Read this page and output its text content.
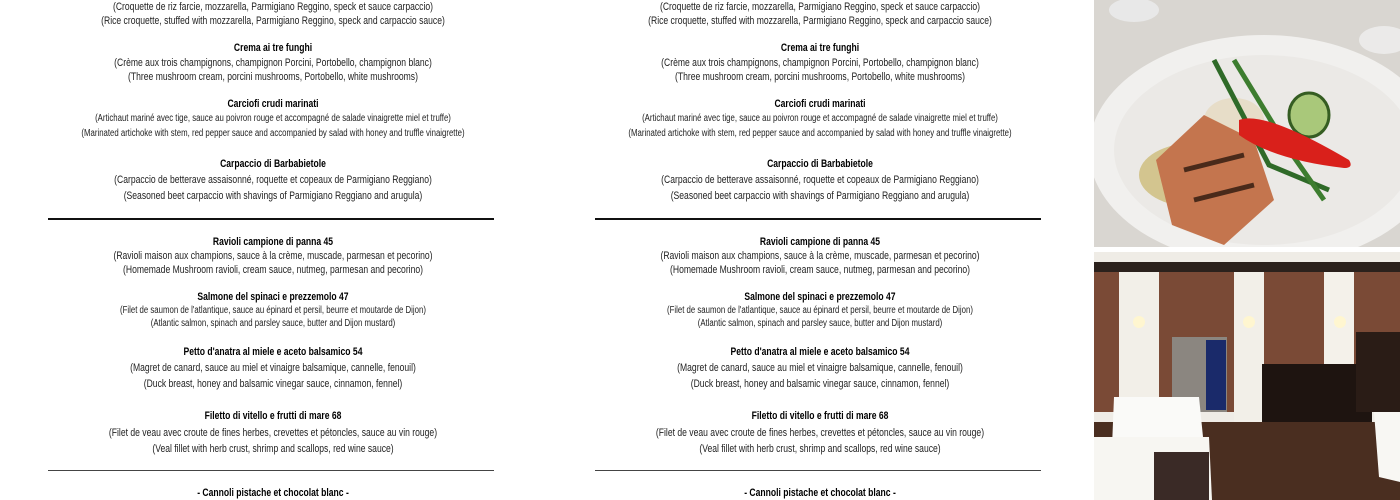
(Croquette de riz farcie, mozzarella, Parmigiano Reggino, speck et sauce carpaccio)
(Rice croquette, stuffed with mozzarella, Parmigiano Reggino, speck and carpaccio sauce)
Crema ai tre funghi
(Crème aux trois champignons, champignon Porcini, Portobello, champignon blanc)
(Three mushroom cream, porcini mushrooms, Portobello, white mushrooms)
Carciofi crudi marinati
(Artichaut mariné avec tige, sauce au poivron rouge et accompagné de salade vinaigrette miel et truffe)
(Marinated artichoke with stem, red pepper sauce and accompanied by salad with honey and truffle vinaigrette)
Carpaccio di Barbabietole
(Carpaccio de betterave assaisonné, roquette et copeaux de Parmigiano Reggiano)
(Seasoned beet carpaccio with shavings of Parmigiano Reggiano and arugula)
Ravioli campione di panna 45
(Ravioli maison aux champions, sauce à la crème, muscade, parmesan et pecorino)
(Homemade Mushroom ravioli, cream sauce, nutmeg, parmesan and pecorino)
Salmone del spinaci e prezzemolo 47
(Filet de saumon de l'atlantique, sauce au épinard et persil, beurre et moutarde de Dijon)
(Atlantic salmon, spinach and parsley sauce, butter and Dijon mustard)
Petto d'anatra al miele e aceto balsamico 54
(Magret de canard, sauce au miel et vinaigre balsamique, cannelle, fenouil)
(Duck breast, honey and balsamic vinegar sauce, cinnamon, fennel)
Filetto di vitello e frutti di mare 68
(Filet de veau avec croute de fines herbes, crevettes et pétoncles, sauce au vin rouge)
(Veal fillet with herb crust, shrimp and scallops, red wine sauce)
- Cannoli pistache et chocolat blanc -
(Croquette de riz farcie, mozzarella, Parmigiano Reggino, speck et sauce carpaccio)
(Rice croquette, stuffed with mozzarella, Parmigiano Reggino, speck and carpaccio sauce)
Crema ai tre funghi
(Crème aux trois champignons, champignon Porcini, Portobello, champignon blanc)
(Three mushroom cream, porcini mushrooms, Portobello, white mushrooms)
Carciofi crudi marinati
(Artichaut mariné avec tige, sauce au poivron rouge et accompagné de salade vinaigrette miel et truffe)
(Marinated artichoke with stem, red pepper sauce and accompanied by salad with honey and truffle vinaigrette)
Carpaccio di Barbabietole
(Carpaccio de betterave assaisonné, roquette et copeaux de Parmigiano Reggiano)
(Seasoned beet carpaccio with shavings of Parmigiano Reggiano and arugula)
Ravioli campione di panna 45
(Ravioli maison aux champions, sauce à la crème, muscade, parmesan et pecorino)
(Homemade Mushroom ravioli, cream sauce, nutmeg, parmesan and pecorino)
Salmone del spinaci e prezzemolo 47
(Filet de saumon de l'atlantique, sauce au épinard et persil, beurre et moutarde de Dijon)
(Atlantic salmon, spinach and parsley sauce, butter and Dijon mustard)
Petto d'anatra al miele e aceto balsamico 54
(Magret de canard, sauce au miel et vinaigre balsamique, cannelle, fenouil)
(Duck breast, honey and balsamic vinegar sauce, cinnamon, fennel)
Filetto di vitello e frutti di mare 68
(Filet de veau avec croute de fines herbes, crevettes et pétoncles, sauce au vin rouge)
(Veal fillet with herb crust, shrimp and scallops, red wine sauce)
- Cannoli pistache et chocolat blanc -
